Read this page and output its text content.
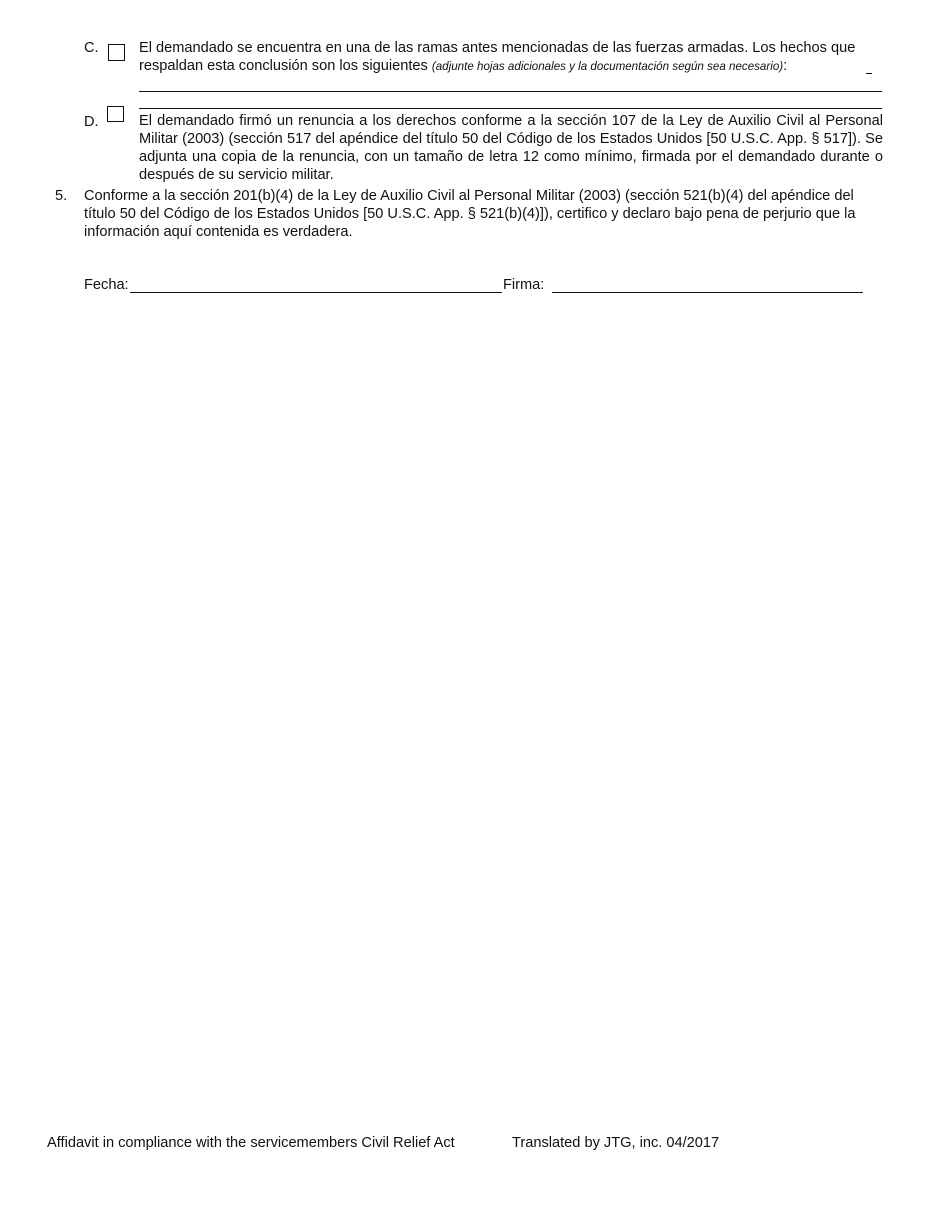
C.	El demandado se encuentra en una de las ramas antes mencionadas de las fuerzas armadas. Los hechos que respaldan esta conclusión son los siguientes (adjunte hojas adicionales y la documentación según sea necesario):
D.	El demandado firmó un renuncia a los derechos conforme a la sección 107 de la Ley de Auxilio Civil al Personal Militar (2003) (sección 517 del apéndice del título 50 del Código de los Estados Unidos [50 U.S.C. App. § 517]). Se adjunta una copia de la renuncia, con un tamaño de letra 12 como mínimo, firmada por el demandado durante o después de su servicio militar.
5. Conforme a la sección 201(b)(4) de la Ley de Auxilio Civil al Personal Militar (2003) (sección 521(b)(4) del apéndice del título 50 del Código de los Estados Unidos [50 U.S.C. App. § 521(b)(4)]), certifico y declaro bajo pena de perjurio que la información aquí contenida es verdadera.
Fecha:	Firma:
Affidavit in compliance with the servicemembers Civil Relief Act	Translated by JTG, inc. 04/2017
